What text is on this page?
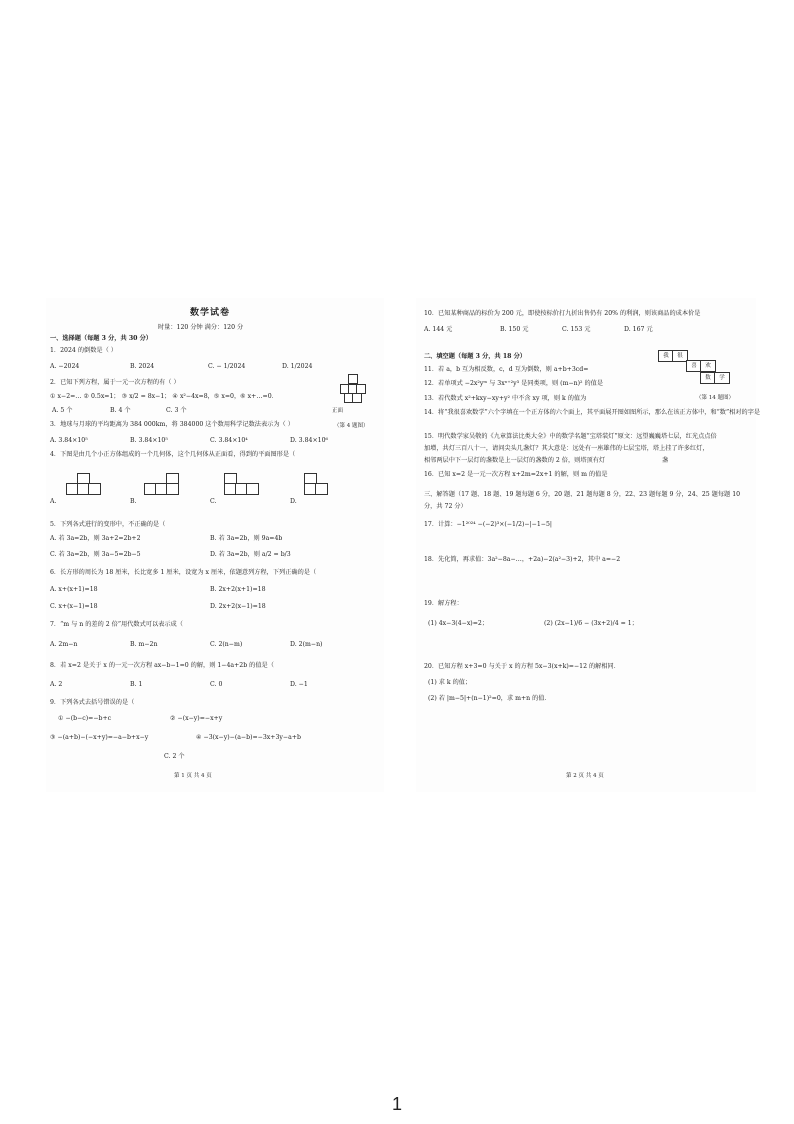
数学试卷
时量：120 分钟 满分：120 分
一、选择题（每题 3 分，共 30 分）
1．2024 的倒数是（ ）
A. −2024	B. 2024	C. − 1/2024	D. 1/2024
2．已知下列方程，属于一元一次方程的有（ ）
① x−2=… ② 0.5x=1； ③ x/2 = 8x−1； ④ x²−4x=8，⑤ x=0，⑥ x+…=0．
A. 5 个	B. 4 个	C. 3 个	正面
3．地球与月球的平均距离为 384 000km，将 384000 这个数用科学记数法表示为（ ）
A. 3.84×10⁵	B. 3.84×10⁵	C. 3.84×10⁴	D. 3.84×10⁶
（第 4 题图）
4．下图是由几个小正方体组成的一个几何体，这个几何体从正面看，得到的平面图形是（
A.	B.	C.	D.
5．下列各式进行的变形中，不正确的是（
A. 若 3a=2b，则 3a+2=2b+2	B. 若 3a=2b，则 9a=4b
C. 若 3a=2b，则 3a−5=2b−5	D. 若 3a=2b，则 a/2 = b/3
6．长方形的周长为 18 厘米，长比宽多 1 厘米，设宽为 x 厘米，依题意列方程，下列正确的是（
A. x+(x+1)=18	B. 2x+2(x+1)=18
C. x+(x−1)=18	D. 2x+2(x−1)=18
7．“m 与 n 的差的 2 倍”用代数式可以表示成（
A. 2m−n	B. m−2n	C. 2(n−m)	D. 2(m−n)
8．若 x=2 是关于 x 的一元一次方程 ax−b−1=0 的解，则 1−4a+2b 的值是（
A. 2	B. 1	C. 0	D. −1
9．下列各式去括号错误的是（
① −(b−c)=−b+c	② −(x−y)=−x+y
③ −(a+b)−(−x+y)=−a−b+x−y	④ −3(x−y)−(a−b)=−3x+3y−a+b
C. 2 个
第 1 页 共 4 页
10．已知某种商品的标价为 200 元，即使按标价打九折出售仍有 20% 的利润，则该商品的成本价是
A. 144 元	B. 150 元	C. 153 元	D. 167 元
二、填空题（每题 3 分，共 18 分）
11．若 a，b 互为相反数，c，d 互为倒数，则 a+b+3cd=
12．若单项式 −2x²yᵐ 与 3xⁿ⁺²y³ 是同类项，则 (m−n)² 的值是
13．若代数式 x²+kxy−xy+y² 中不含 xy 项，则 k 的值为
14．将“我很喜欢数学”六个字填在一个正方体的六个面上，其平面展开图如图所示，那么在该正方体中，和“数”相对的字是
15．明代数学家吴敬的《九章算法比类大全》中的数学名题“宝塔装灯”原文：远望巍巍塔七层，红光点点倍
加增，共灯三百八十一，请问尖头几盏灯？其大意是：远处有一座雄伟的七层宝塔，塔上挂了许多红灯，
相邻两层中下一层灯的盏数是上一层灯的盏数的 2 倍，则塔顶有灯	盏
16．已知 x=2 是一元一次方程 x+2m=2x+1 的解，则 m 的值是
我	很
喜	欢
数	学
（第 14 题图）
三、解答题（17 题、18 题、19 题每题 6 分，20 题、21 题每题 8 分，22、23 题每题 9 分，24、25 题每题 10
分，共 72 分）
17．计算：−1²⁰²⁴ −(−2)³×(−1/2)−|−1−5|
18．先化简，再求值：3a²−8a−…，+2a)−2(a²−3)+2，其中 a=−2
19．解方程：
(1) 4x−3(4−x)=2；	(2) (2x−1)/6 − (3x+2)/4 = 1；
20．已知方程 x+3=0 与关于 x 的方程 5x−3(x+k)=−12 的解相同．
(1) 求 k 的值；
(2) 若 |m−5|+(n−1)²=0，求 m+n 的值．
第 2 页 共 4 页
1
